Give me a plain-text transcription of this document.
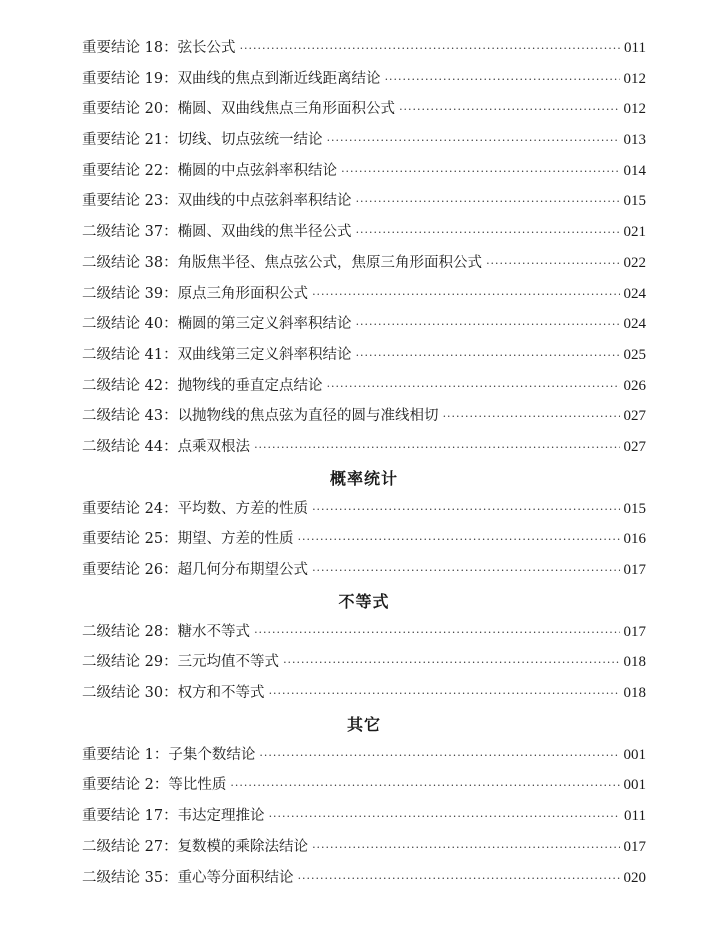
重要结论 18 ： 弦长公式 ·····	011
重要结论 19 ： 双曲线的焦点到渐近线距离结论 ·····	012
重要结论 20 ： 椭圆、双曲线焦点三角形面积公式 ·····	012
重要结论 21 ： 切线、切点弦统一结论 ·····	013
重要结论 22 ： 椭圆的中点弦斜率积结论 ·····	014
重要结论 23 ： 双曲线的中点弦斜率积结论 ·····	015
二级结论 37 ： 椭圆、双曲线的焦半径公式 ·····	021
二级结论 38 ： 角版焦半径、焦点弦公式，焦原三角形面积公式 ·····	022
二级结论 39 ： 原点三角形面积公式 ·····	024
二级结论 40 ： 椭圆的第三定义斜率积结论 ·····	024
二级结论 41 ： 双曲线第三定义斜率积结论 ·····	025
二级结论 42 ： 抛物线的垂直定点结论 ·····	026
二级结论 43 ： 以抛物线的焦点弦为直径的圆与准线相切 ·····	027
二级结论 44 ： 点乘双根法 ·····	027
概率统计
重要结论 24 ： 平均数、方差的性质 ·····	015
重要结论 25 ： 期望、方差的性质 ·····	016
重要结论 26 ： 超几何分布期望公式 ·····	017
不等式
二级结论 28 ： 糖水不等式 ·····	017
二级结论 29 ： 三元均值不等式 ·····	018
二级结论 30 ： 权方和不等式 ·····	018
其它
重要结论 1 ： 子集个数结论 ·····	001
重要结论 2 ： 等比性质 ·····	001
重要结论 17 ： 韦达定理推论 ·····	011
二级结论 27 ： 复数模的乘除法结论 ·····	017
二级结论 35 ： 重心等分面积结论 ·····	020
